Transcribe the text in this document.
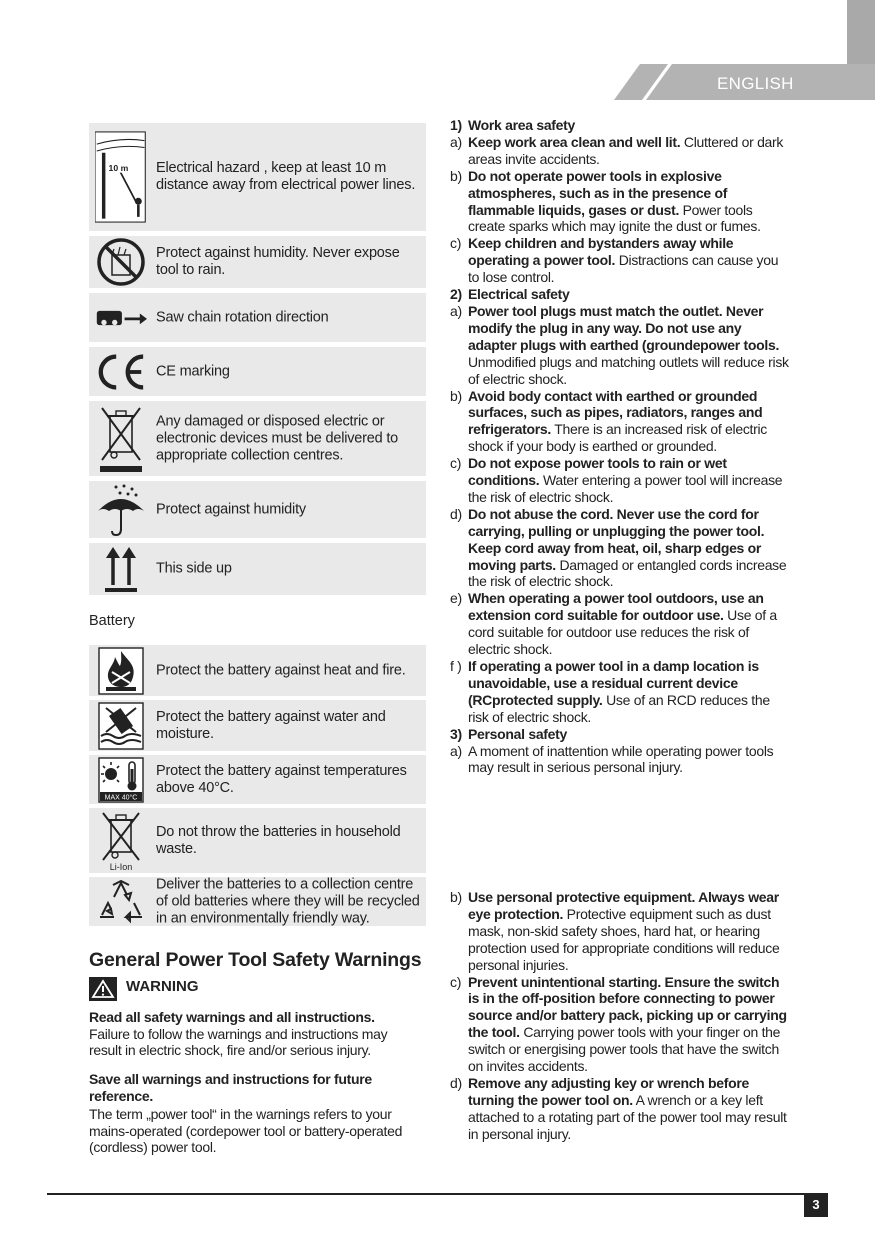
ENGLISH
10 m Electrical hazard , keep at least 10 m distance away from electrical power lines.
Protect against humidity. Never expose tool to rain.
Saw chain rotation direction
CE marking
Any damaged or disposed electric or electronic devices must be delivered to appropriate collection centres.
Protect against humidity
This side up
Battery
Protect the battery against heat and fire.
Protect the battery against water and moisture.
MAX 40°C
Protect the battery against temperatures above 40°C.
Li-Ion
Do not throw the batteries in household waste.
Deliver the batteries to a collection centre of old batteries where they will be recycled in an environmentally friendly way.
General Power Tool Safety Warnings
WARNING
Read all safety warnings and all instructions. Failure to follow the warnings and instructions may result in electric shock, fire and/or serious injury.
Save all warnings and instructions for future reference.
The term „power tool“ in the warnings refers to your mains-operated (cordepower tool or battery-operated (cordless) power tool.
1) Work area safety
a) Keep work area clean and well lit. Cluttered or dark areas invite accidents.
b) Do not operate power tools in explosive atmospheres, such as in the presence of flammable liquids, gases or dust. Power tools create sparks which may ignite the dust or fumes.
c) Keep children and bystanders away while operating a power tool. Distractions can cause you to lose control.
2) Electrical safety
a) Power tool plugs must match the outlet. Never modify the plug in any way. Do not use any adapter plugs with earthed (groundepower tools. Unmodified plugs and matching outlets will reduce risk of electric shock.
b) Avoid body contact with earthed or grounded surfaces, such as pipes, radiators, ranges and refrigerators. There is an increased risk of electric shock if your body is earthed or grounded.
c) Do not expose power tools to rain or wet conditions. Water entering a power tool will increase the risk of electric shock.
d) Do not abuse the cord. Never use the cord for carrying, pulling or unplugging the power tool. Keep cord away from heat, oil, sharp edges or moving parts. Damaged or entangled cords increase the risk of electric shock.
e) When operating a power tool outdoors, use an extension cord suitable for outdoor use. Use of a cord suitable for outdoor use reduces the risk of electric shock.
f ) If operating a power tool in a damp location is unavoidable, use a residual current device (RCprotected supply. Use of an RCD reduces the risk of electric shock.
3) Personal safety
a) A moment of inattention while operating power tools may result in serious personal injury.
b) Use personal protective equipment. Always wear eye protection. Protective equipment such as dust mask, non-skid safety shoes, hard hat, or hearing protection used for appropriate conditions will reduce personal injuries.
c) Prevent unintentional starting. Ensure the switch is in the off-position before connecting to power source and/or battery pack, picking up or carrying the tool. Carrying power tools with your finger on the switch or energising power tools that have the switch on invites accidents.
d) Remove any adjusting key or wrench before turning the power tool on. A wrench or a key left attached to a rotating part of the power tool may result in personal injury.
3
